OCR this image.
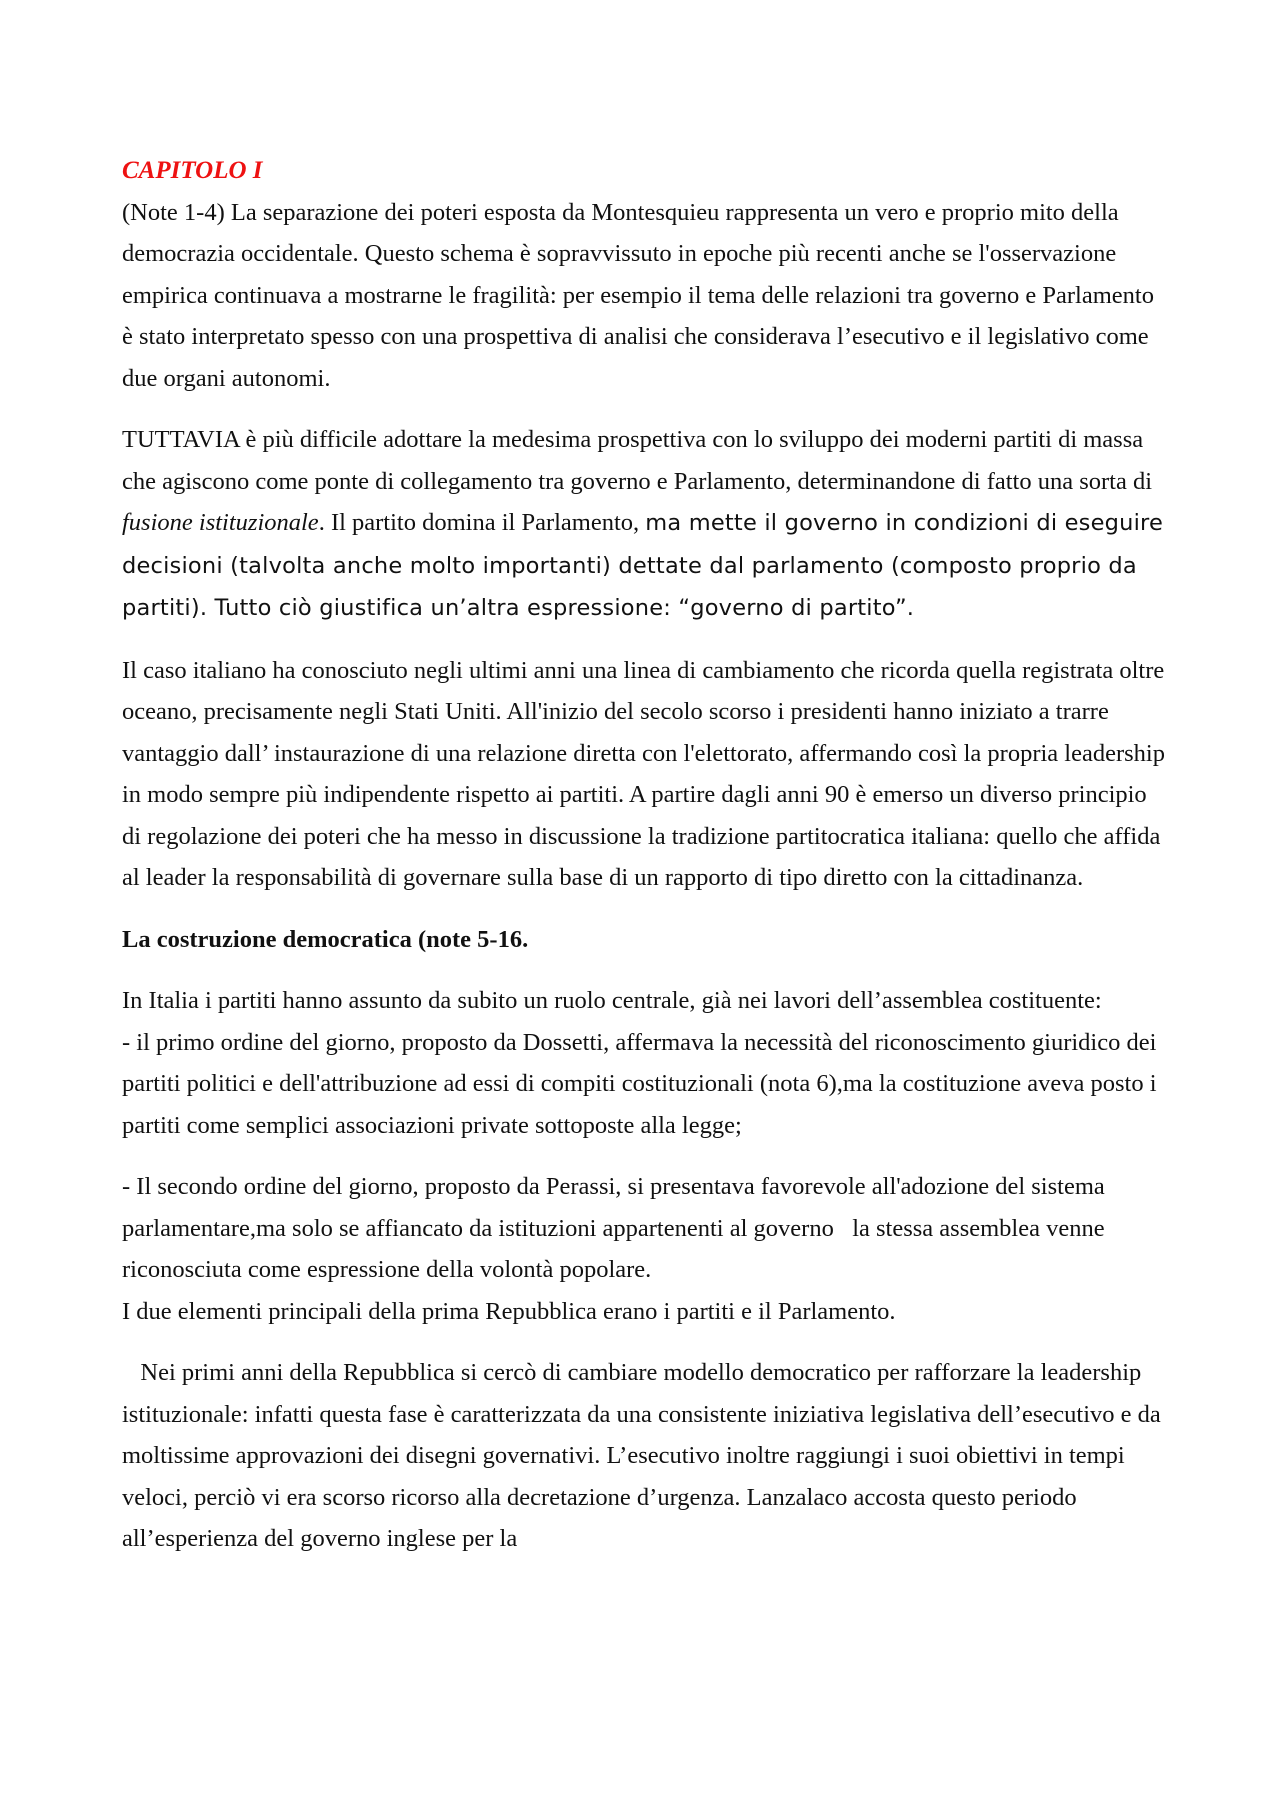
CAPITOLO I

(Note 1-4) La separazione dei poteri esposta da Montesquieu rappresenta un vero e proprio mito della democrazia occidentale. Questo schema è sopravvissuto in epoche più recenti anche se l'osservazione empirica continuava a mostrarne le fragilità: per esempio il tema delle relazioni tra governo e Parlamento è stato interpretato spesso con una prospettiva di analisi che considerava l’esecutivo e il legislativo come due organi autonomi.

TUTTAVIA è più difficile adottare la medesima prospettiva con lo sviluppo dei moderni partiti di massa che agiscono come ponte di collegamento tra governo e Parlamento, determinandone di fatto una sorta di fusione istituzionale. Il partito domina il Parlamento, ma mette il governo in condizioni di eseguire decisioni (talvolta anche molto importanti) dettate dal parlamento (composto proprio da partiti). Tutto ciò giustifica un’altra espressione: “governo di partito”.

Il caso italiano ha conosciuto negli ultimi anni una linea di cambiamento che ricorda quella registrata oltre oceano, precisamente negli Stati Uniti. All'inizio del secolo scorso i presidenti hanno iniziato a trarre vantaggio dall’ instaurazione di una relazione diretta con l'elettorato, affermando così la propria leadership in modo sempre più indipendente rispetto ai partiti. A partire dagli anni 90 è emerso un diverso principio di regolazione dei poteri che ha messo in discussione la tradizione partitocratica italiana: quello che affida al leader la responsabilità di governare sulla base di un rapporto di tipo diretto con la cittadinanza.

La costruzione democratica (note 5-16.

In Italia i partiti hanno assunto da subito un ruolo centrale, già nei lavori dell’assemblea costituente:

- il primo ordine del giorno, proposto da Dossetti, affermava la necessità del riconoscimento giuridico dei partiti politici e dell'attribuzione ad essi di compiti costituzionali (nota 6),ma la costituzione aveva posto i partiti come semplici associazioni private sottoposte alla legge;

- Il secondo ordine del giorno, proposto da Perassi, si presentava favorevole all'adozione del sistema parlamentare,ma solo se affiancato da istituzioni appartenenti al governo   la stessa assemblea venne riconosciuta come espressione della volontà popolare.

I due elementi principali della prima Repubblica erano i partiti e il Parlamento.

Nei primi anni della Repubblica si cercò di cambiare modello democratico per rafforzare la leadership istituzionale: infatti questa fase è caratterizzata da una consistente iniziativa legislativa dell’esecutivo e da moltissime approvazioni dei disegni governativi. L’esecutivo inoltre raggiungi i suoi obiettivi in tempi veloci, perciò vi era scorso ricorso alla decretazione d’urgenza. Lanzalaco accosta questo periodo all’esperienza del governo inglese per la
